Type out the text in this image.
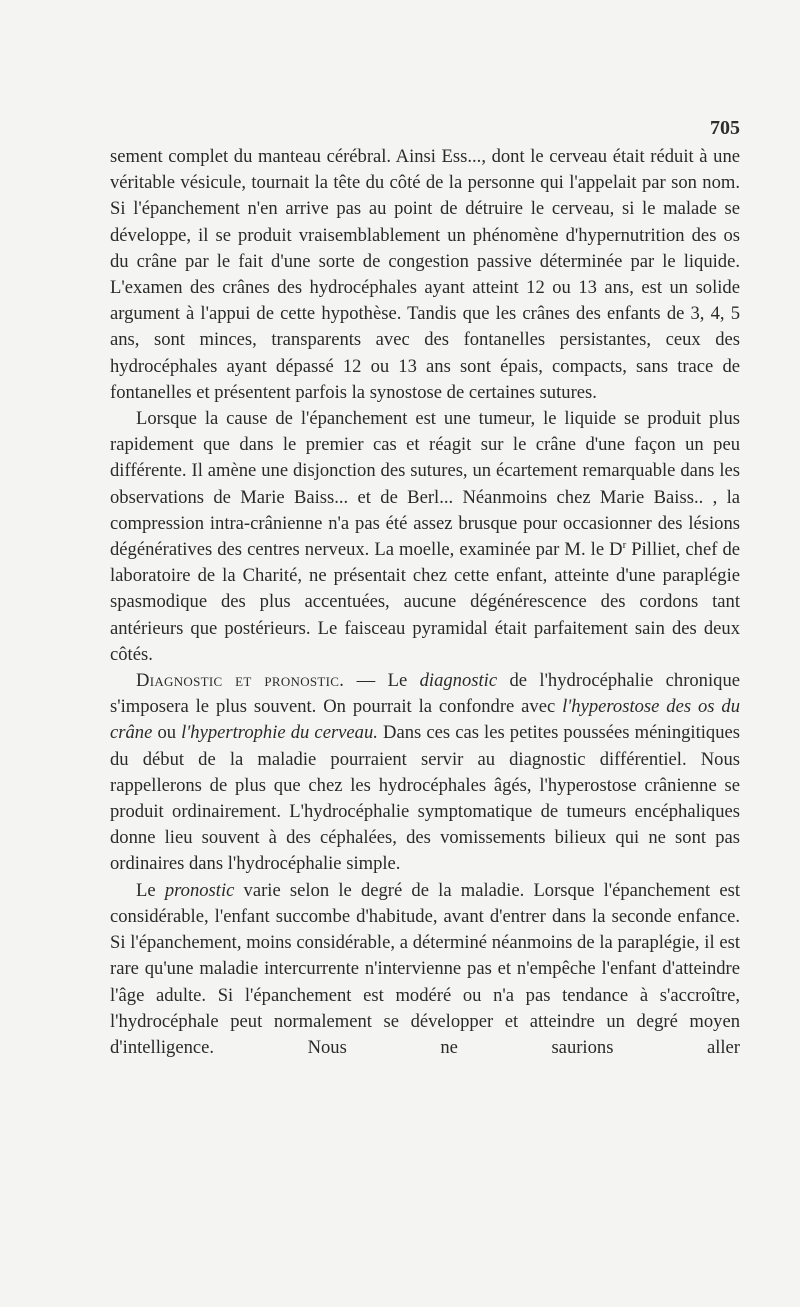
705

sement complet du manteau cérébral. Ainsi Ess..., dont le cerveau était réduit à une véritable vésicule, tournait la tête du côté de la personne qui l'appelait par son nom. Si l'épanchement n'en arrive pas au point de détruire le cerveau, si le malade se développe, il se produit vraisemblablement un phénomène d'hypernutrition des os du crâne par le fait d'une sorte de congestion passive déterminée par le liquide. L'examen des crânes des hydrocéphales ayant atteint 12 ou 13 ans, est un solide argument à l'appui de cette hypothèse. Tandis que les crânes des enfants de 3, 4, 5 ans, sont minces, transparents avec des fontanelles persistantes, ceux des hydrocéphales ayant dépassé 12 ou 13 ans sont épais, compacts, sans trace de fontanelles et présentent parfois la synostose de certaines sutures.

Lorsque la cause de l'épanchement est une tumeur, le liquide se produit plus rapidement que dans le premier cas et réagit sur le crâne d'une façon un peu différente. Il amène une disjonction des sutures, un écartement remarquable dans les observations de Marie Baiss... et de Berl... Néanmoins chez Marie Baiss.. , la compression intra-crânienne n'a pas été assez brusque pour occasionner des lésions dégénératives des centres nerveux. La moelle, examinée par M. le $D^r$ Pilliet, chef de laboratoire de la Charité, ne présentait chez cette enfant, atteinte d'une paraplégie spasmodique des plus accentuées, aucune dégénérescence des cordons tant antérieurs que postérieurs. Le faisceau pyramidal était parfaitement sain des deux côtés.

Diagnostic et pronostic. — Le diagnostic de l'hydrocéphalie chronique s'imposera le plus souvent. On pourrait la confondre avec l'hyperostose des os du crâne ou l'hypertrophie du cerveau. Dans ces cas les petites poussées méningitiques du début de la maladie pourraient servir au diagnostic différentiel. Nous rappellerons de plus que chez les hydrocéphales âgés, l'hyperostose crânienne se produit ordinairement. L'hydrocéphalie symptomatique de tumeurs encéphaliques donne lieu souvent à des céphalées, des vomissements bilieux qui ne sont pas ordinaires dans l'hydrocéphalie simple.

Le pronostic varie selon le degré de la maladie. Lorsque l'épanchement est considérable, l'enfant succombe d'habitude, avant d'entrer dans la seconde enfance. Si l'épanchement, moins considérable, a déterminé néanmoins de la paraplégie, il est rare qu'une maladie intercurrente n'intervienne pas et n'empêche l'enfant d'atteindre l'âge adulte. Si l'épanchement est modéré ou n'a pas tendance à s'accroître, l'hydrocéphale peut normalement se développer et atteindre un degré moyen d'intelligence. Nous ne saurions aller
